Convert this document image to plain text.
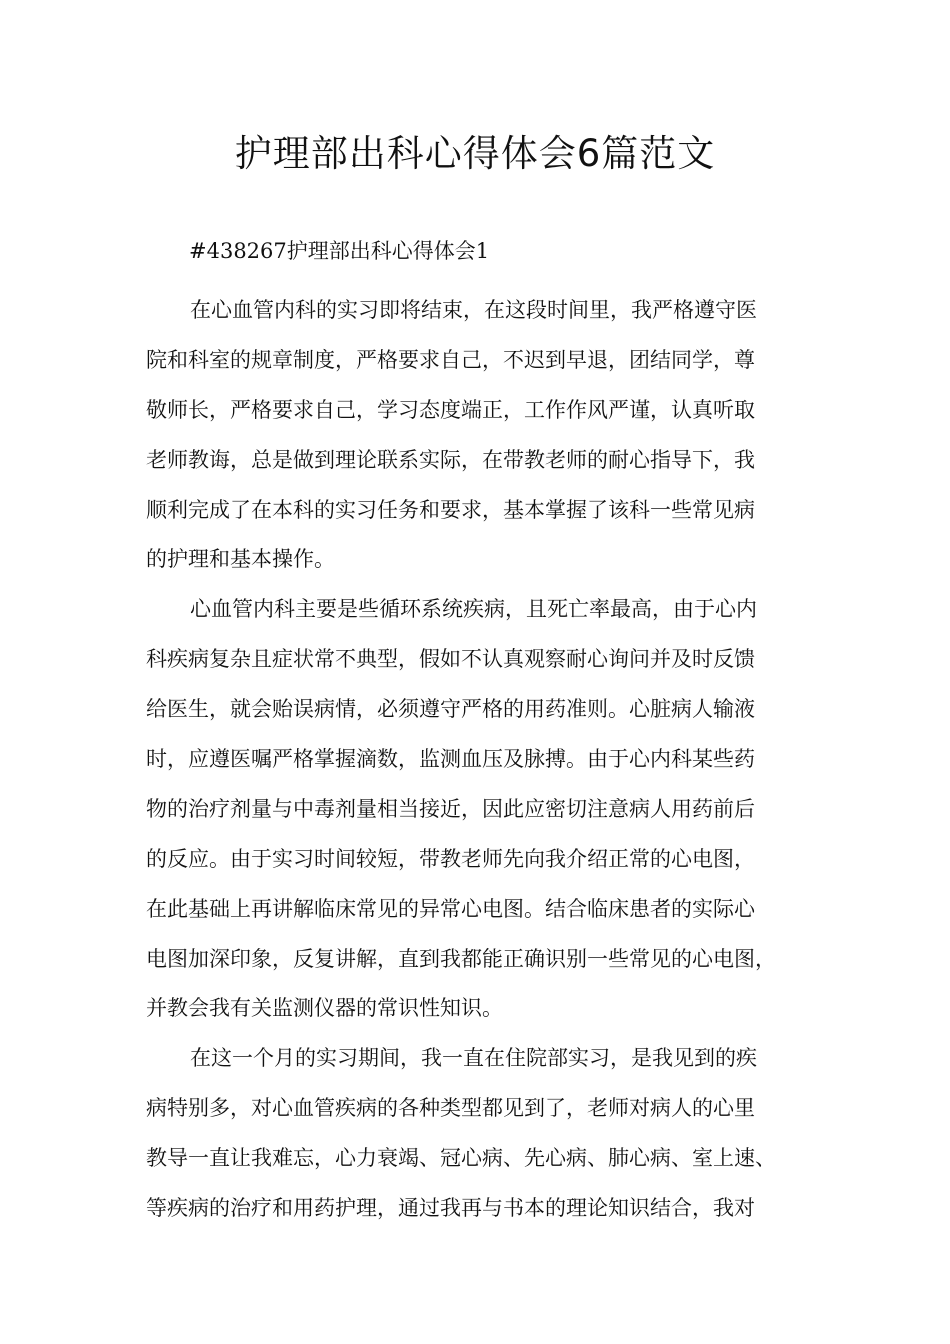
护理部出科心得体会6篇范文

#438267护理部出科心得体会1

在心血管内科的实习即将结束，在这段时间里，我严格遵守医
院和科室的规章制度，严格要求自己，不迟到早退，团结同学，尊
敬师长，严格要求自己，学习态度端正，工作作风严谨，认真听取
老师教诲，总是做到理论联系实际，在带教老师的耐心指导下，我
顺利完成了在本科的实习任务和要求，基本掌握了该科一些常见病
的护理和基本操作。
心血管内科主要是些循环系统疾病，且死亡率最高，由于心内
科疾病复杂且症状常不典型，假如不认真观察耐心询问并及时反馈
给医生，就会贻误病情，必须遵守严格的用药准则。心脏病人输液
时，应遵医嘱严格掌握滴数，监测血压及脉搏。由于心内科某些药
物的治疗剂量与中毒剂量相当接近，因此应密切注意病人用药前后
的反应。由于实习时间较短，带教老师先向我介绍正常的心电图，
在此基础上再讲解临床常见的异常心电图。结合临床患者的实际心
电图加深印象，反复讲解，直到我都能正确识别一些常见的心电图，
并教会我有关监测仪器的常识性知识。
在这一个月的实习期间，我一直在住院部实习，是我见到的疾
病特别多，对心血管疾病的各种类型都见到了，老师对病人的心里
教导一直让我难忘，心力衰竭、冠心病、先心病、肺心病、室上速、
等疾病的治疗和用药护理，通过我再与书本的理论知识结合，我对
